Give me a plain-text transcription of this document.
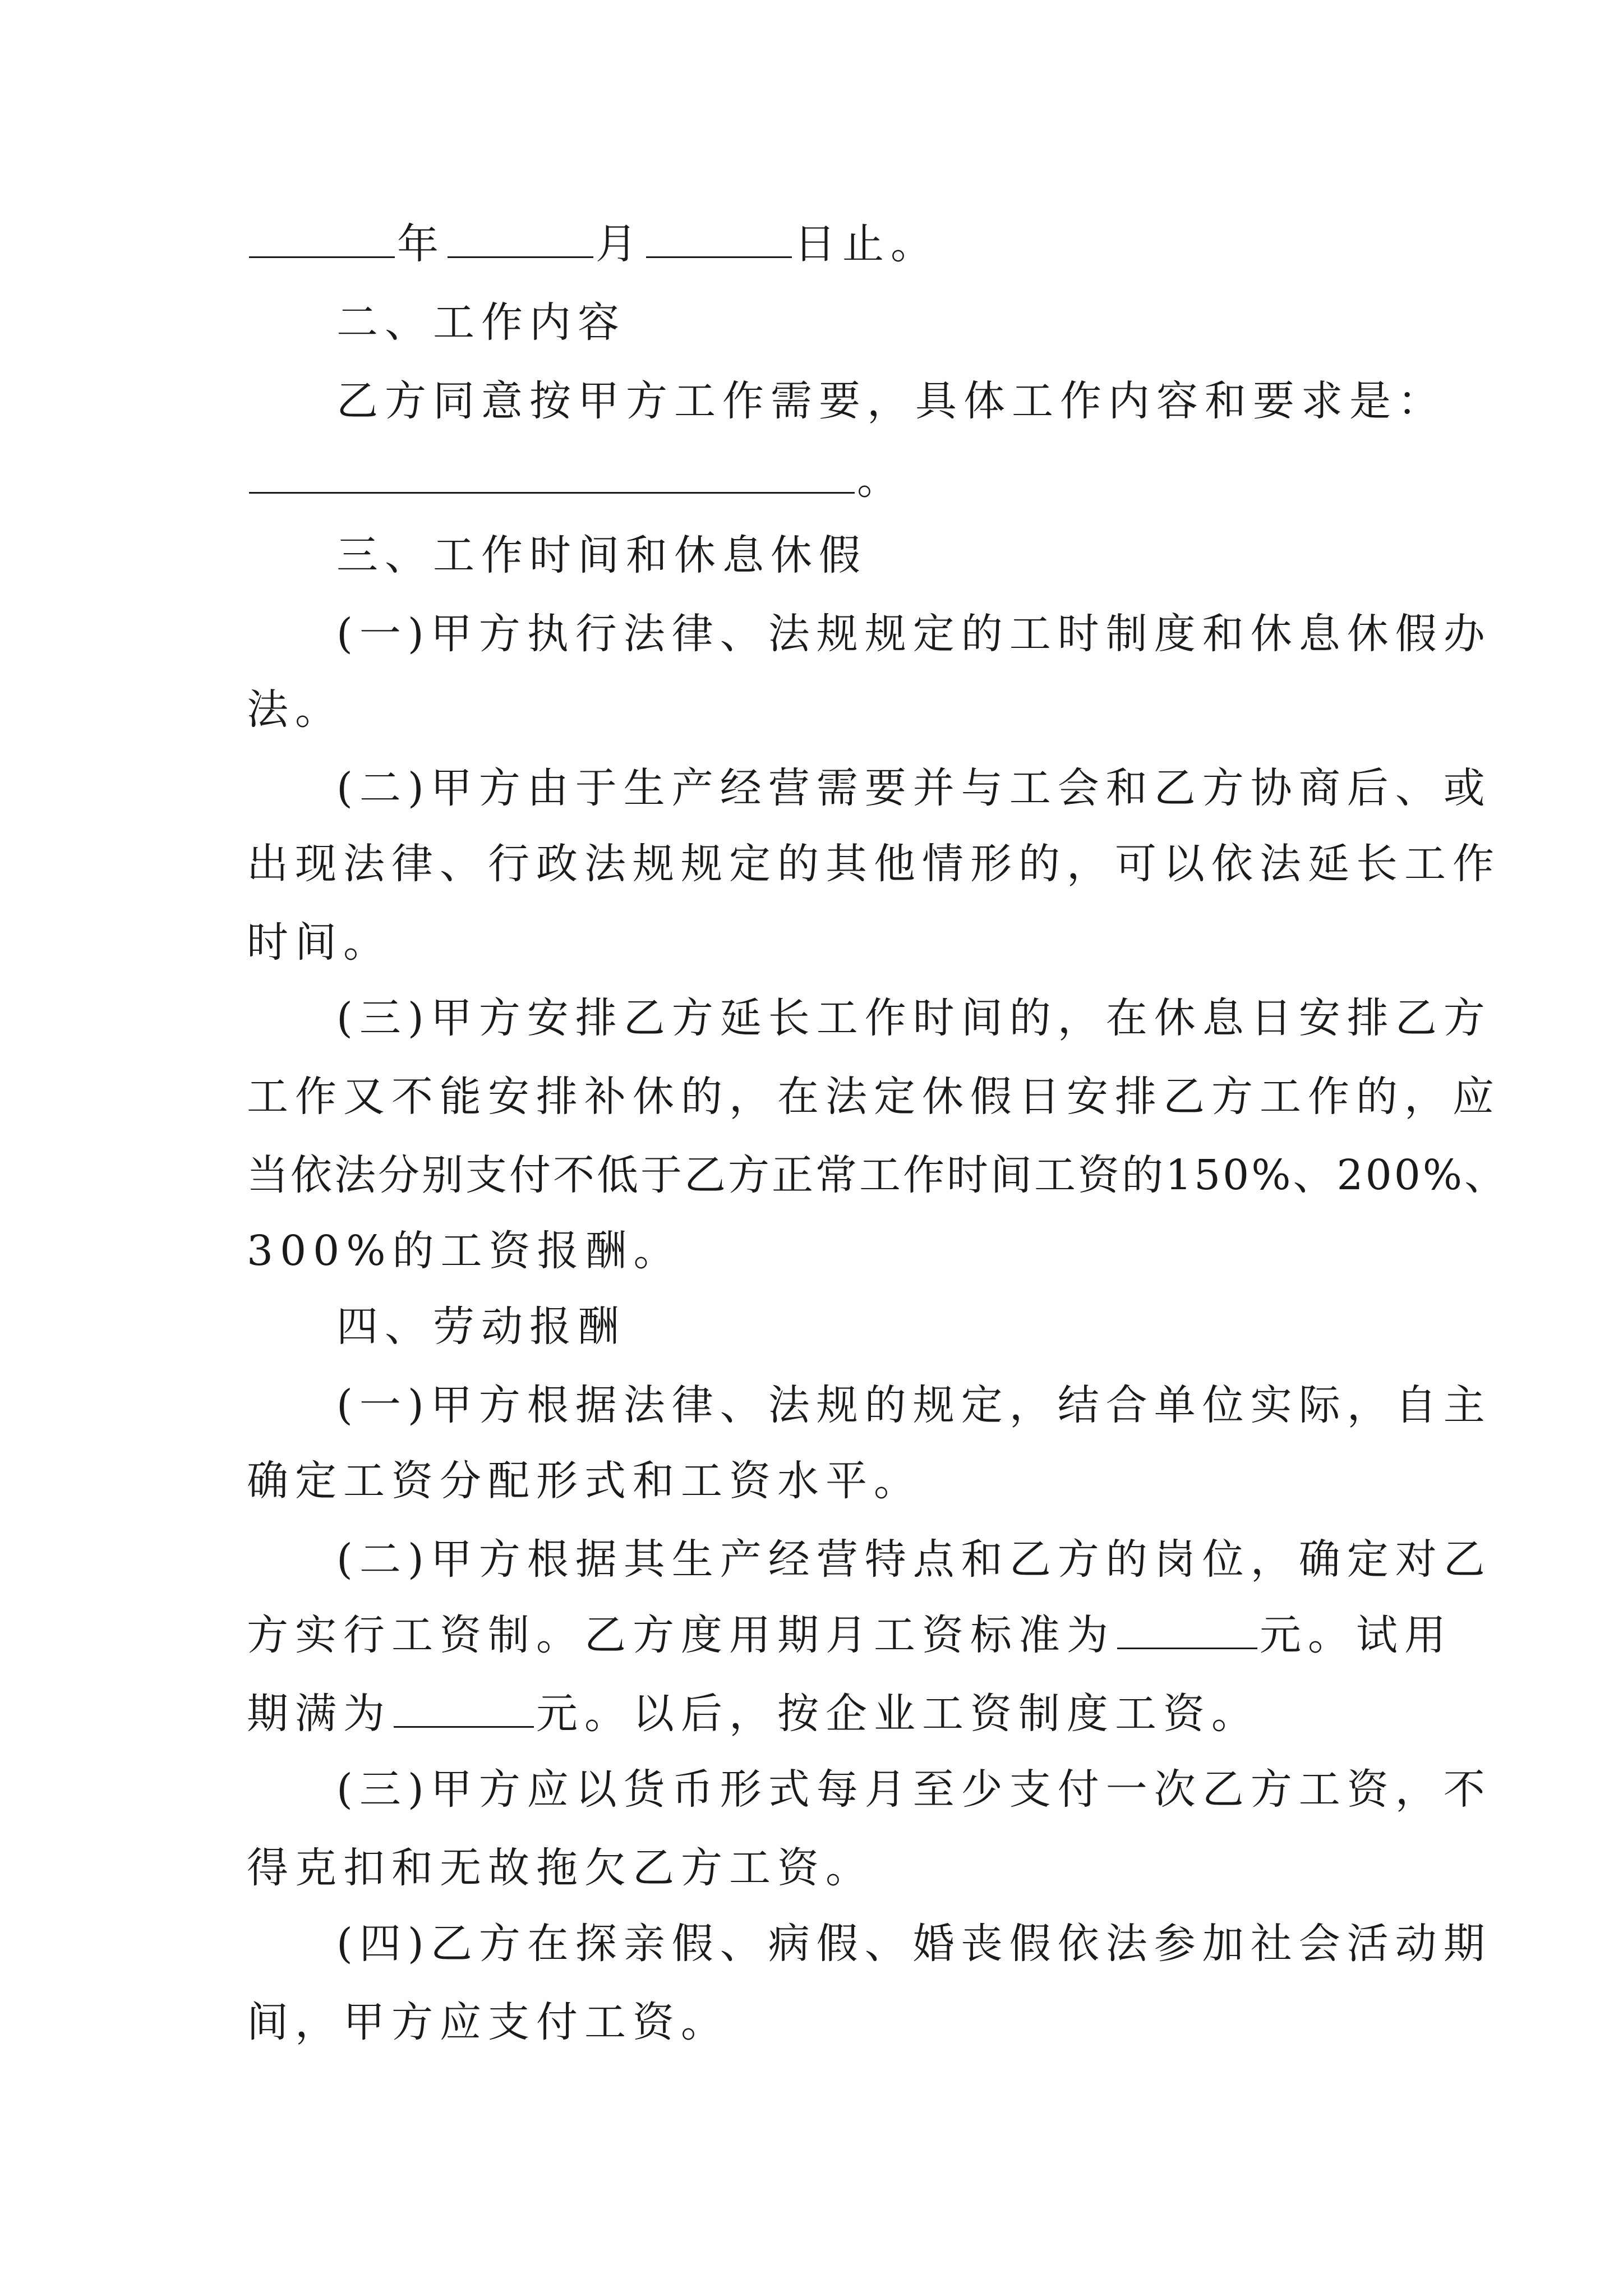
年	月	日止。
二、工作内容
乙方同意按甲方工作需要，具体工作内容和要求是：
。
三、工作时间和休息休假
(一)甲方执行法律、法规规定的工时制度和休息休假办
法。
(二)甲方由于生产经营需要并与工会和乙方协商后、或
出现法律、行政法规规定的其他情形的，可以依法延长工作
时间。
(三)甲方安排乙方延长工作时间的，在休息日安排乙方
工作又不能安排补休的，在法定休假日安排乙方工作的，应
当依法分别支付不低于乙方正常工作时间工资的150%、200%、
300%的工资报酬。
四、劳动报酬
(一)甲方根据法律、法规的规定，结合单位实际，自主
确定工资分配形式和工资水平。
(二)甲方根据其生产经营特点和乙方的岗位，确定对乙
方实行工资制。乙方度用期月工资标准为	元。试用
期满为	元。以后，按企业工资制度工资。
(三)甲方应以货币形式每月至少支付一次乙方工资，不
得克扣和无故拖欠乙方工资。
(四)乙方在探亲假、病假、婚丧假依法参加社会活动期
间，甲方应支付工资。
